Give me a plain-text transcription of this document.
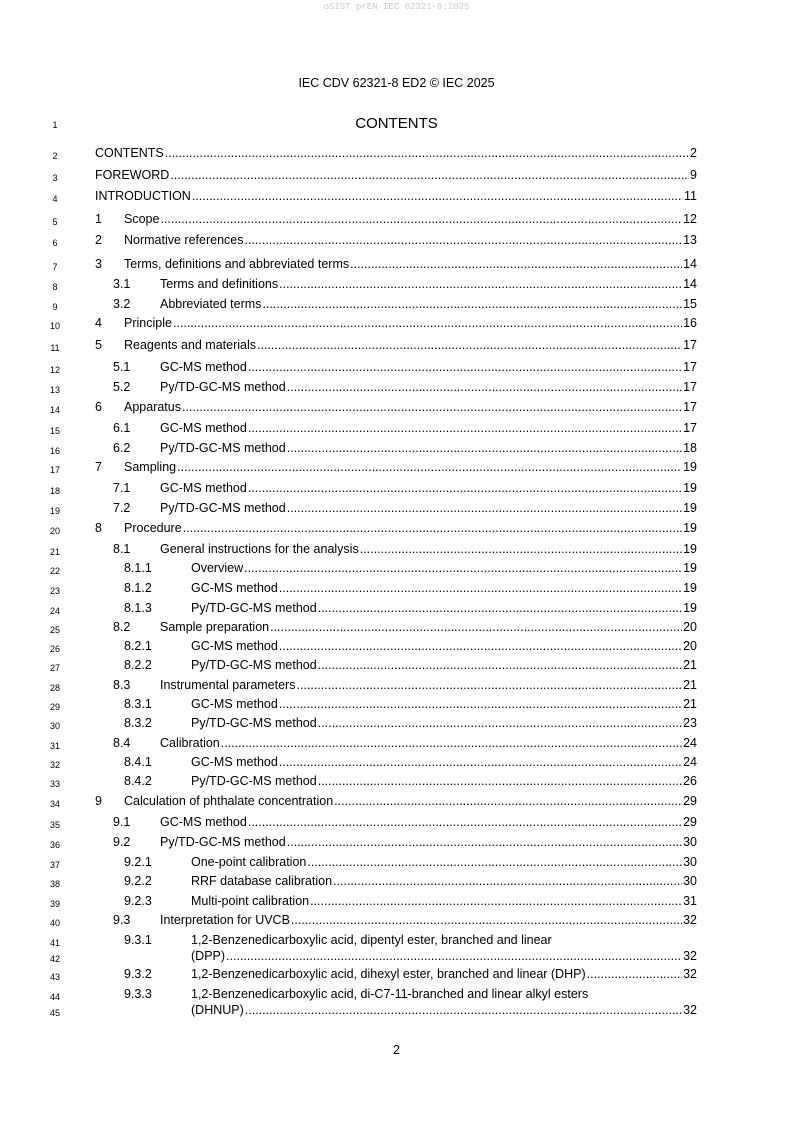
oSIST prEN IEC 62321-8:2025
IEC CDV 62321-8 ED2 © IEC 2025
1	CONTENTS
2	CONTENTS .....	2
3	FOREWORD .....	9
4	INTRODUCTION .....	11
5	1 Scope .....	12
6	2 Normative references .....	13
7	3 Terms, definitions and abbreviated terms .....	14
8	3.1 Terms and definitions .....	14
9	3.2 Abbreviated terms .....	15
10	4 Principle .....	16
11	5 Reagents and materials .....	17
12	5.1 GC-MS method .....	17
13	5.2 Py/TD-GC-MS method .....	17
14	6 Apparatus .....	17
15	6.1 GC-MS method .....	17
16	6.2 Py/TD-GC-MS method .....	18
17	7 Sampling .....	19
18	7.1 GC-MS method .....	19
19	7.2 Py/TD-GC-MS method .....	19
20	8 Procedure .....	19
21	8.1 General instructions for the analysis .....	19
22	8.1.1	Overview .....	19
23	8.1.2	GC-MS method .....	19
24	8.1.3	Py/TD-GC-MS method .....	19
25	8.2 Sample preparation .....	20
26	8.2.1	GC-MS method .....	20
27	8.2.2	Py/TD-GC-MS method .....	21
28	8.3 Instrumental parameters .....	21
29	8.3.1	GC-MS method .....	21
30	8.3.2	Py/TD-GC-MS method .....	23
31	8.4 Calibration .....	24
32	8.4.1	GC-MS method .....	24
33	8.4.2	Py/TD-GC-MS method .....	26
34	9 Calculation of phthalate concentration .....	29
35	9.1 GC-MS method .....	29
36	9.2 Py/TD-GC-MS method .....	30
37	9.2.1	One-point calibration .....	30
38	9.2.2	RRF database calibration .....	30
39	9.2.3	Multi-point calibration .....	31
40	9.3 Interpretation for UVCB .....	32
41
42
9.3.1	1,2-Benzenedicarboxylic acid, dipentyl ester, branched and linear
(DPP) .....	32
43	9.3.2	1,2-Benzenedicarboxylic acid, dihexyl ester, branched and linear (DHP) .....	32
44
45
9.3.3	1,2-Benzenedicarboxylic acid, di-C7-11-branched and linear alkyl esters
(DHNUP) .....	32
2
